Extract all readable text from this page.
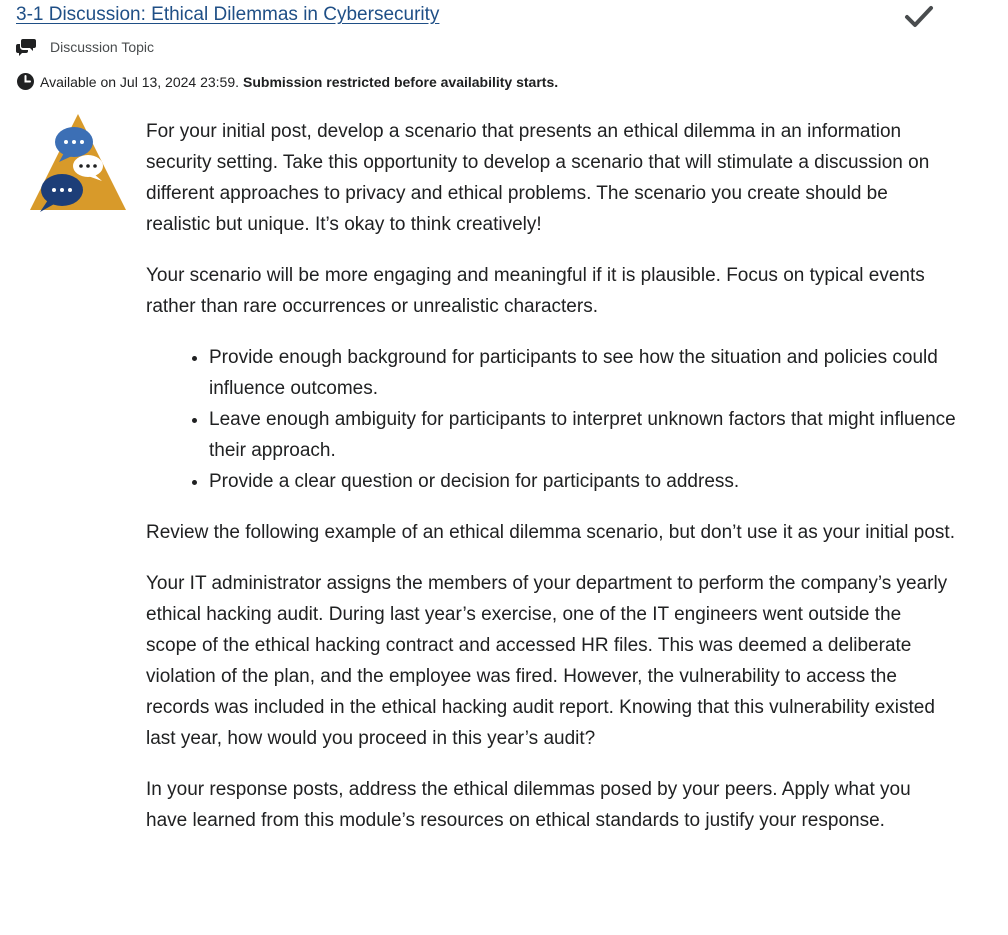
3-1 Discussion: Ethical Dilemmas in Cybersecurity
Discussion Topic
Available on Jul 13, 2024 23:59. Submission restricted before availability starts.

For your initial post, develop a scenario that presents an ethical dilemma in an information security setting. Take this opportunity to develop a scenario that will stimulate a discussion on different approaches to privacy and ethical problems. The scenario you create should be realistic but unique. It’s okay to think creatively!

Your scenario will be more engaging and meaningful if it is plausible. Focus on typical events rather than rare occurrences or unrealistic characters.

• Provide enough background for participants to see how the situation and policies could influence outcomes.
• Leave enough ambiguity for participants to interpret unknown factors that might influence their approach.
• Provide a clear question or decision for participants to address.

Review the following example of an ethical dilemma scenario, but don’t use it as your initial post.

Your IT administrator assigns the members of your department to perform the company’s yearly ethical hacking audit. During last year’s exercise, one of the IT engineers went outside the scope of the ethical hacking contract and accessed HR files. This was deemed a deliberate violation of the plan, and the employee was fired. However, the vulnerability to access the records was included in the ethical hacking audit report. Knowing that this vulnerability existed last year, how would you proceed in this year’s audit?

In your response posts, address the ethical dilemmas posed by your peers. Apply what you have learned from this module’s resources on ethical standards to justify your response.
